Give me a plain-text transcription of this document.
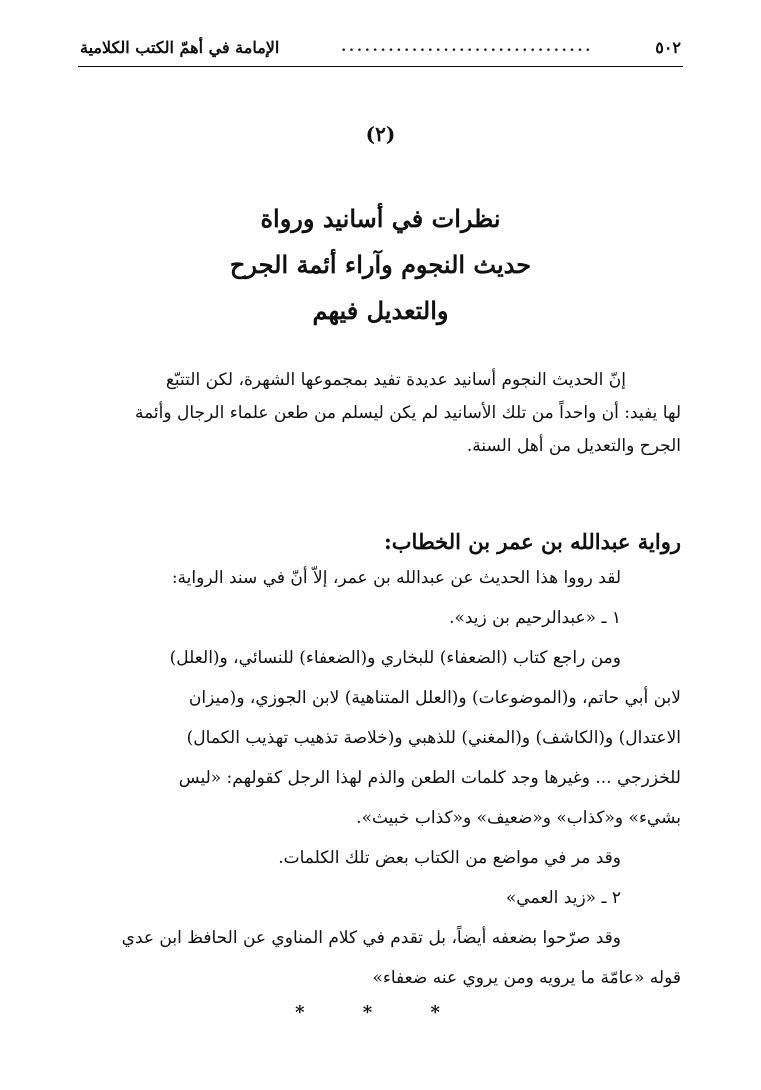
٥٠٢
................................
الإمامة في أهمّ الكتب الكلامية
(٢)
نظرات في أسانيد ورواة
حديث النجوم وآراء أئمة الجرح
والتعديل فيهم
إنّ الحديث النجوم أسانيد عديدة تفيد بمجموعها الشهرة، لكن التتبّع
لها يفيد: أن واحداً من تلك الأسانيد لم يكن ليسلم من طعن علماء الرجال وأئمة
الجرح والتعديل من أهل السنة.
رواية عبدالله بن عمر بن الخطاب:
لقد رووا هذا الحديث عن عبدالله بن عمر، إلاّ أنّ في سند الرواية:
١ ـ «عبدالرحيم بن زيد».
ومن راجع كتاب (الضعفاء) للبخاري و(الضعفاء) للنسائي، و(العلل)
لابن أبي حاتم، و(الموضوعات) و(العلل المتناهية) لابن الجوزي، و(ميزان
الاعتدال) و(الكاشف) و(المغني) للذهبي و(خلاصة تذهيب تهذيب الكمال)
للخزرجي ... وغيرها وجد كلمات الطعن والذم لهذا الرجل كقولهم: «ليس
بشيء» و«كذاب» و«ضعيف» و«كذاب خبيث».
وقد مر في مواضع من الكتاب بعض تلك الكلمات.
٢ ـ «زيد العمي»
وقد صرّحوا بضعفه أيضاً، بل تقدم في كلام المناوي عن الحافظ ابن عدي
قوله «عامّة ما يرويه ومن يروي عنه ضعفاء»
* * *
